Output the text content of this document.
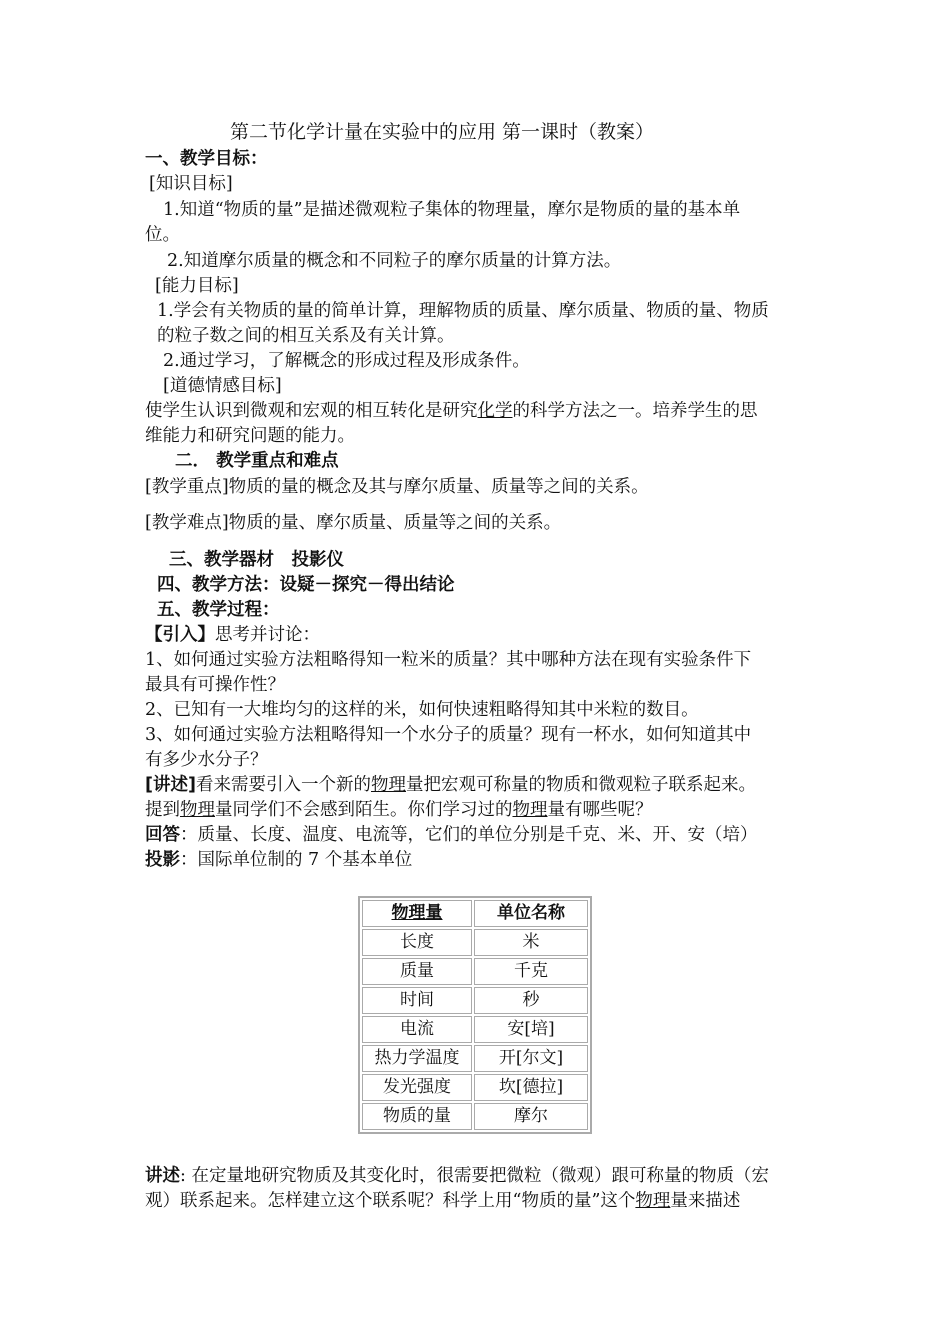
第二节化学计量在实验中的应用 第一课时（教案）
一、教学目标：
[知识目标]
1.知道“物质的量”是描述微观粒子集体的物理量，摩尔是物质的量的基本单
位。
2.知道摩尔质量的概念和不同粒子的摩尔质量的计算方法。
[能力目标]
1.学会有关物质的量的简单计算，理解物质的质量、摩尔质量、物质的量、物质
的粒子数之间的相互关系及有关计算。
2.通过学习，了解概念的形成过程及形成条件。
[道德情感目标]
使学生认识到微观和宏观的相互转化是研究化学的科学方法之一。培养学生的思
维能力和研究问题的能力。
二． 教学重点和难点
[教学重点]物质的量的概念及其与摩尔质量、质量等之间的关系。
[教学难点]物质的量、摩尔质量、质量等之间的关系。
三、教学器材　投影仪
四、教学方法：设疑－探究－得出结论
五、教学过程：
【引入】思考并讨论：
1、如何通过实验方法粗略得知一粒米的质量？其中哪种方法在现有实验条件下
最具有可操作性？
2、已知有一大堆均匀的这样的米，如何快速粗略得知其中米粒的数目。
3、如何通过实验方法粗略得知一个水分子的质量？现有一杯水，如何知道其中
有多少水分子？
[讲述]看来需要引入一个新的物理量把宏观可称量的物质和微观粒子联系起来。
提到物理量同学们不会感到陌生。你们学习过的物理量有哪些呢？
回答：质量、长度、温度、电流等，它们的单位分别是千克、米、开、安（培）
投影：国际单位制的 7 个基本单位
物理量	单位名称
长度	米
质量	千克
时间	秒
电流	安[培]
热力学温度	开[尔文]
发光强度	坎[德拉]
物质的量	摩尔
讲述: 在定量地研究物质及其变化时，很需要把微粒（微观）跟可称量的物质（宏
观）联系起来。怎样建立这个联系呢？科学上用“物质的量”这个物理量来描述
